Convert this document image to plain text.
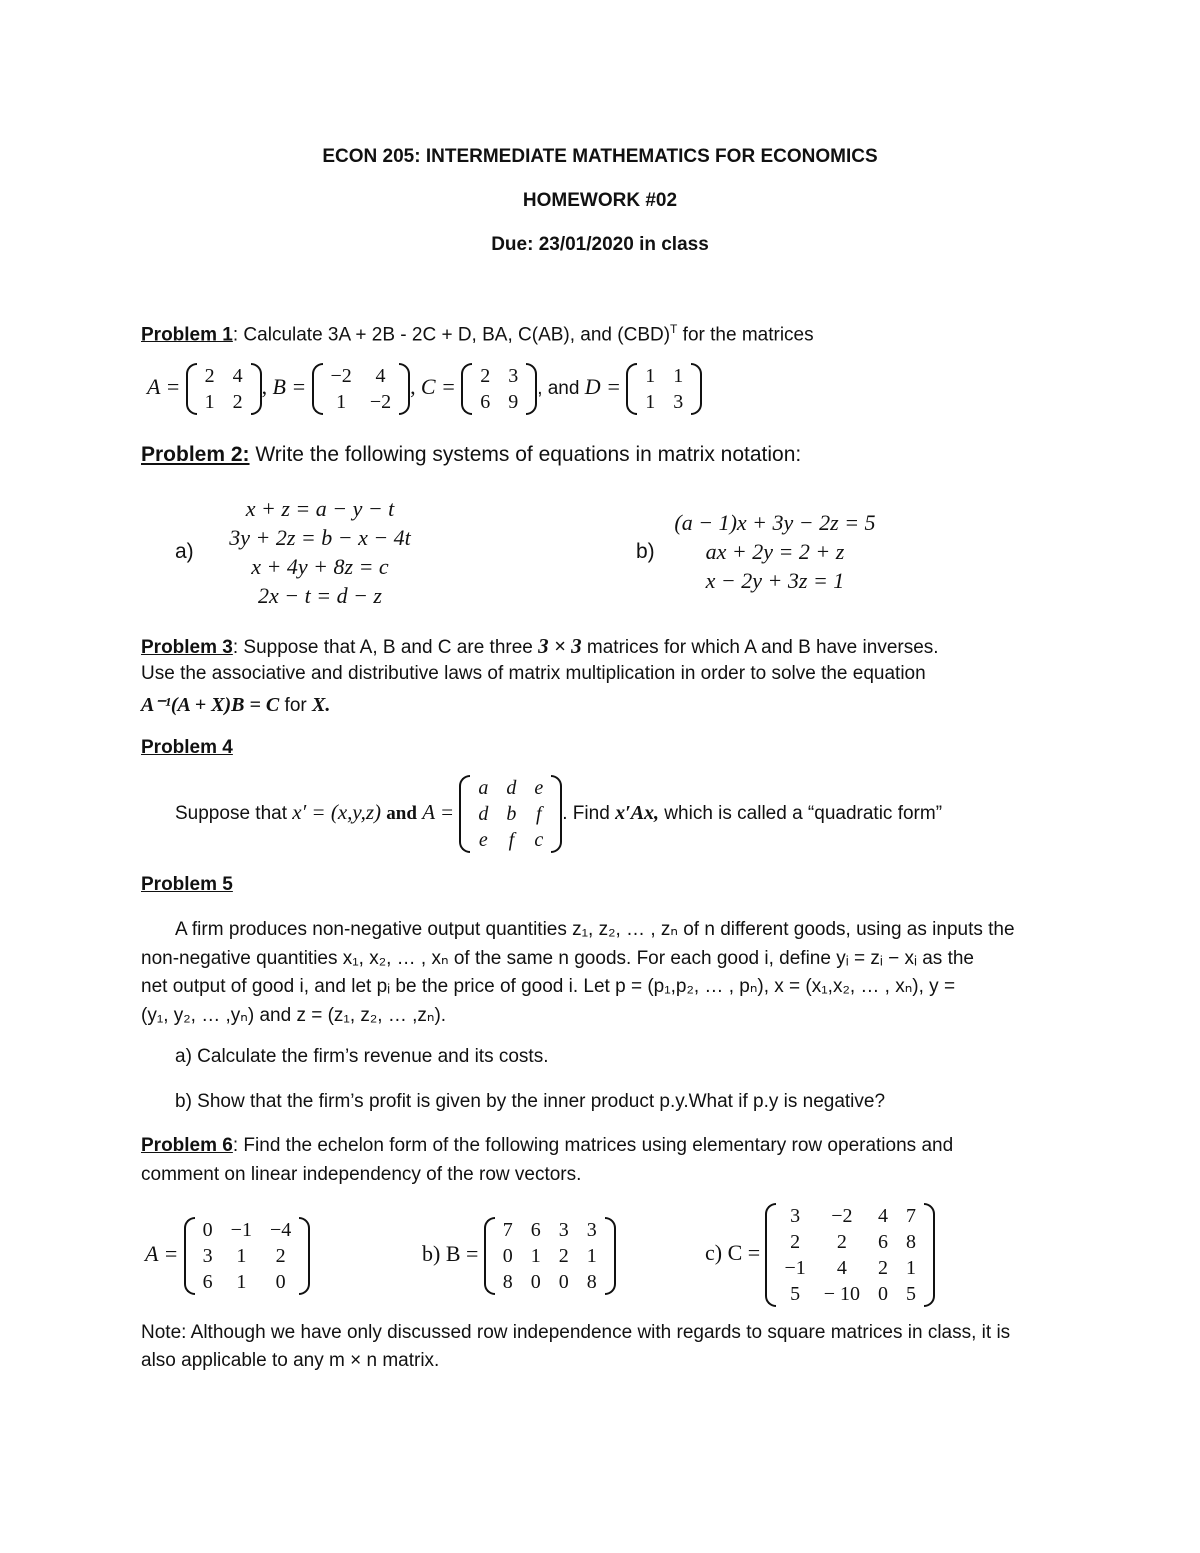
ECON 205: INTERMEDIATE MATHEMATICS FOR ECONOMICS
HOMEWORK #02
Due: 23/01/2020 in class
Problem 1: Calculate 3A + 2B - 2C + D, BA, C(AB), and (CBD)$^T$ for the matrices
A = 2	4
1	2
, B = −2	4
1	−2
, C = 2	3
6	9
, and D = 1	1
1	3
Problem 2: Write the following systems of equations in matrix notation:
a)
x + z = a − y − t
3y + 2z = b − x − 4t
x + 4y + 8z = c
2x − t = d − z
b)
(a − 1)x + 3y − 2z = 5
ax + 2y = 2 + z
x − 2y + 3z = 1
Problem 3: Suppose that A, B and C are three 3 × 3 matrices for which A and B have inverses.
Use the associative and distributive laws of matrix multiplication in order to solve the equation
A⁻¹(A + X)B = C for X.
Problem 4
Suppose that x′ = (x,y,z) and A =
a	d	e
d	b	f
e	f	c
. Find x′Ax, which is called a “quadratic form”
Problem 5
A firm produces non-negative output quantities z₁, z₂, … , zₙ of n different goods, using as inputs the
non-negative quantities x₁, x₂, … , xₙ of the same n goods. For each good i, define yᵢ = zᵢ − xᵢ as the
net output of good i, and let pᵢ be the price of good i. Let p = (p₁,p₂, … , pₙ), x = (x₁,x₂, … , xₙ), y =
(y₁, y₂, … ,yₙ) and z = (z₁, z₂, … ,zₙ).
a) Calculate the firm’s revenue and its costs.
b) Show that the firm’s profit is given by the inner product p.y.What if p.y is negative?
Problem 6: Find the echelon form of the following matrices using elementary row operations and
comment on linear independency of the row vectors.
A =
0	−1	−4
3	1	2
6	1	0
b) B =
7	6	3	3
0	1	2	1
8	0	0	8
c) C =
3	−2	4	7
2	2	6	8
−1	4	2	1
5	− 10	0	5
Note: Although we have only discussed row independence with regards to square matrices in class, it is
also applicable to any m × n matrix.
